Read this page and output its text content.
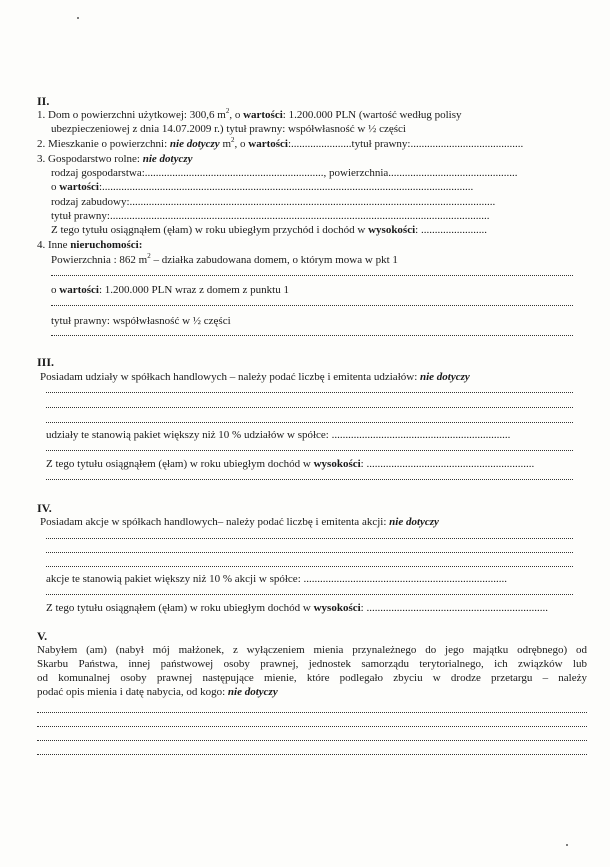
II.
1. Dom o powierzchni użytkowej: 300,6 $m^2$, o wartości: 1.200.000 PLN (wartość według polisy
ubezpieczeniowej z dnia 14.07.2009 r.) tytuł prawny: współwłasność w ½ części
2. Mieszkanie o powierzchni: nie dotyczy $m^2$, o wartości:......................tytuł prawny:.........................................
3. Gospodarstwo rolne: nie dotyczy
rodzaj gospodarstwa:................................................................., powierzchnia...............................................
o wartości:.......................................................................................................................................
rodzaj zabudowy:.....................................................................................................................................
tytuł prawny:..........................................................................................................................................
Z tego tytułu osiągnąłem (ęłam) w roku ubiegłym przychód i dochód w wysokości: ........................
4. Inne nieruchomości:
Powierzchnia : 862 $m^2$ – działka zabudowana domem, o którym mowa w pkt 1
o wartości: 1.200.000 PLN wraz z domem z punktu 1
tytuł prawny: współwłasność w ½ części
III.
Posiadam udziały w spółkach handlowych – należy podać liczbę i emitenta udziałów: nie dotyczy
udziały te stanowią pakiet większy niż 10 % udziałów w spółce: .................................................................
Z tego tytułu osiągnąłem (ęłam) w roku ubiegłym dochód w wysokości: .............................................................
IV.
Posiadam akcje w spółkach handlowych– należy podać liczbę i emitenta akcji: nie dotyczy
akcje te stanowią pakiet większy niż 10 % akcji w spółce: ..........................................................................
Z tego tytułu osiągnąłem (ęłam) w roku ubiegłym dochód w wysokości: ..................................................................
V.
Nabyłem (am) (nabył mój małżonek, z wyłączeniem mienia przynależnego do jego majątku odrębnego) od
Skarbu Państwa, innej państwowej osoby prawnej, jednostek samorządu terytorialnego, ich związków lub
od komunalnej osoby prawnej następujące mienie, które podlegało zbyciu w drodze przetargu – należy
podać opis mienia i datę nabycia, od kogo: nie dotyczy
